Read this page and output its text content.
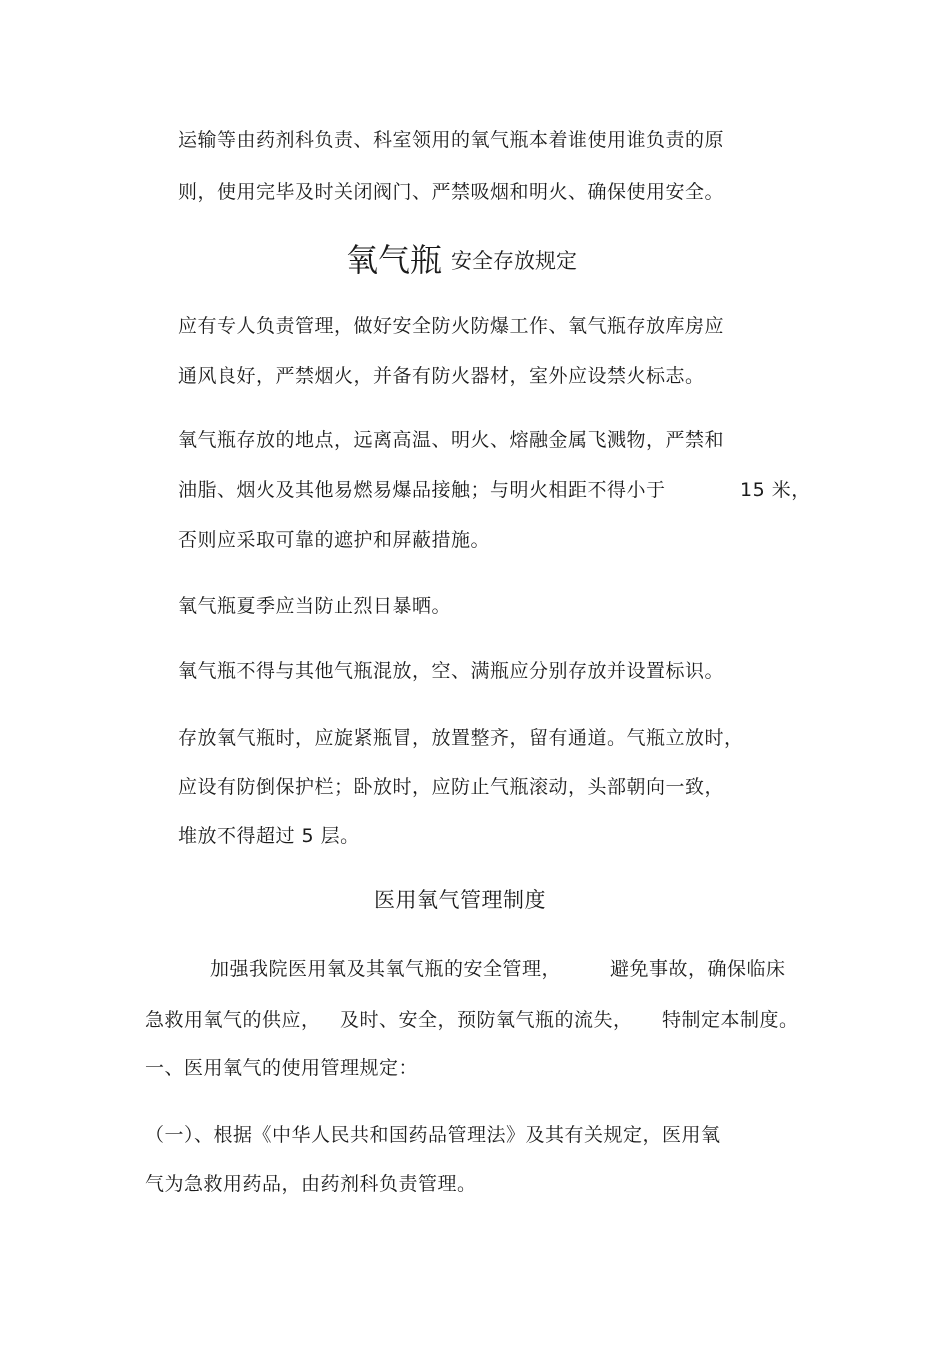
运输等由药剂科负责、科室领用的氧气瓶本着谁使用谁负责的原
则，使用完毕及时关闭阀门、严禁吸烟和明火、确保使用安全。
氧气瓶 安全存放规定
应有专人负责管理，做好安全防火防爆工作、氧气瓶存放库房应
通风良好，严禁烟火，并备有防火器材，室外应设禁火标志。
氧气瓶存放的地点，远离高温、明火、熔融金属飞溅物，严禁和
油脂、烟火及其他易燃易爆品接触；与明火相距不得小于	15 米，
否则应采取可靠的遮护和屏蔽措施。
氧气瓶夏季应当防止烈日暴晒。
氧气瓶不得与其他气瓶混放，空、满瓶应分别存放并设置标识。
存放氧气瓶时，应旋紧瓶冒，放置整齐，留有通道。气瓶立放时，
应设有防倒保护栏；卧放时，应防止气瓶滚动，头部朝向一致，
堆放不得超过 5 层。
医用氧气管理制度
加强我院医用氧及其氧气瓶的安全管理，	避免事故，确保临床
急救用氧气的供应， 及时、安全，预防氧气瓶的流失， 特制定本制度。
一、医用氧气的使用管理规定：
（一）、根据《中华人民共和国药品管理法》及其有关规定，医用氧
气为急救用药品，由药剂科负责管理。
